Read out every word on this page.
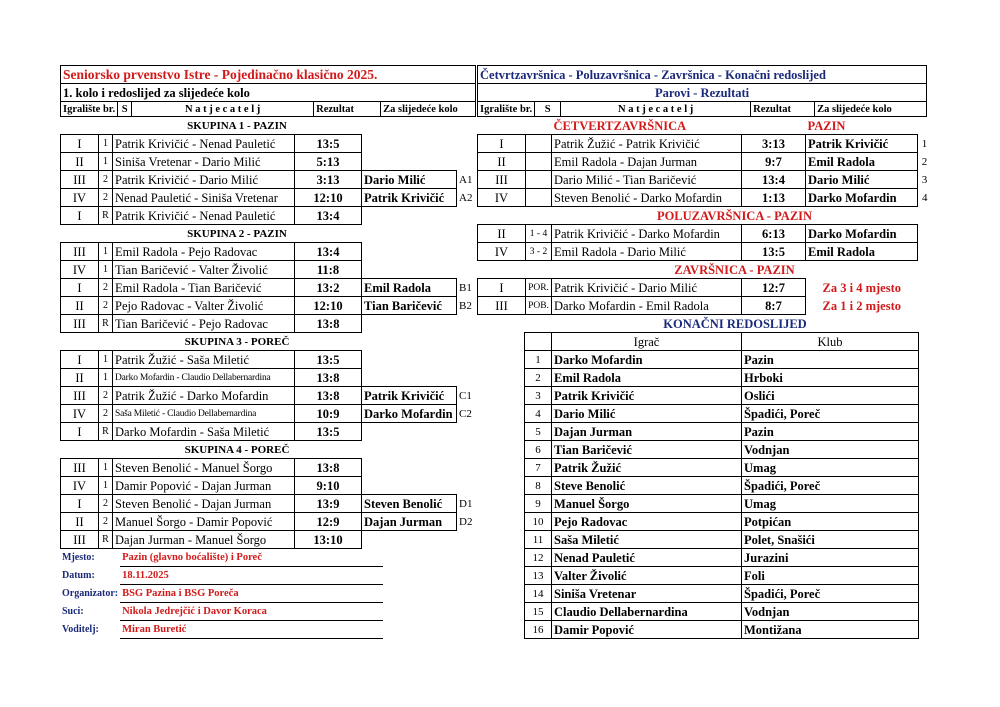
Seniorsko prvenstvo Istre - Pojedinačno klasično 2025.					
1. kolo i redoslijed za slijedeće kolo					
Igralište br.	S	N a t j e c a t e l j	Rezultat	Za slijedeće kolo	
		SKUPINA 1 - PAZIN			
I	1	Patrik Krivičić - Nenad Pauletić	13:5		
II	1	Siniša Vretenar - Dario Milić	5:13		
III	2	Patrik Krivičić - Dario Milić	3:13	Dario Milić	A1
IV	2	Nenad Pauletić - Siniša Vretenar	12:10	Patrik Krivičić	A2
I	R	Patrik Krivičić - Nenad Pauletić	13:4		
		SKUPINA 2 - PAZIN			
III	1	Emil Radola - Pejo Radovac	13:4		
IV	1	Tian Baričević - Valter Živolić	11:8		
I	2	Emil Radola - Tian Baričević	13:2	Emil Radola	B1
II	2	Pejo Radovac - Valter Živolić	12:10	Tian Baričević	B2
III	R	Tian Baričević - Pejo Radovac	13:8		
		SKUPINA 3 - POREČ			
I	1	Patrik Žužić - Saša Miletić	13:5		
II	1	Darko Mofardin - Claudio Dellabernardina	13:8		
III	2	Patrik Žužić - Darko Mofardin	13:8	Patrik Krivičić	C1
IV	2	Saša Miletić - Claudio Dellabernardina	10:9	Darko Mofardin	C2
I	R	Darko Mofardin - Saša Miletić	13:5		
		SKUPINA 4 - POREČ			
III	1	Steven Benolić - Manuel Šorgo	13:8		
IV	1	Damir Popović - Dajan Jurman	9:10		
I	2	Steven Benolić - Dajan Jurman	13:9	Steven Benolić	D1
II	2	Manuel Šorgo - Damir Popović	12:9	Dajan Jurman	D2
III	R	Dajan Jurman - Manuel Šorgo	13:10		
Mjesto:	Pazin (glavno boćalište) i Poreč
Datum:	18.11.2025
Organizator:	BSG Pazina i BSG Poreča
Suci:	Nikola Jedrejčić i Davor Koraca
Voditelj:	Miran Buretić
Četvrtzavršnica - Poluzavršnica - Završnica - Konačni redoslijed					
Parovi - Rezultati					
Igralište br.	S	N a t j e c a t e l j	Rezultat	Za slijedeće kolo	
		ČETVERTZAVRŠNICA		PAZIN	
I		Patrik Žužić - Patrik Krivičić	3:13	Patrik Krivičić	1
II		Emil Radola - Dajan Jurman	9:7	Emil Radola	2
III		Dario Milić - Tian Baričević	13:4	Dario Milić	3
IV		Steven Benolić - Darko Mofardin	1:13	Darko Mofardin	4
		POLUZAVRŠNICA - PAZIN			
II	1 - 4	Patrik Krivičić - Darko Mofardin	6:13	Darko Mofardin	
IV	3 - 2	Emil Radola - Dario Milić	13:5	Emil Radola	
		ZAVRŠNICA - PAZIN			
I	POR.	Patrik Krivičić - Dario Milić	12:7	Za 3 i 4 mjesto	
III	POB.	Darko Mofardin - Emil Radola	8:7	Za 1 i 2 mjesto	
	KONAČNI REDOSLIJED	
	Igrač	Klub
1	Darko Mofardin	Pazin
2	Emil Radola	Hrboki
3	Patrik Krivičić	Oslići
4	Dario Milić	Špadići, Poreč
5	Dajan Jurman	Pazin
6	Tian Baričević	Vodnjan
7	Patrik Žužić	Umag
8	Steve Benolić	Špadići, Poreč
9	Manuel Šorgo	Umag
10	Pejo Radovac	Potpićan
11	Saša Miletić	Polet, Snašići
12	Nenad Pauletić	Jurazini
13	Valter Živolić	Foli
14	Siniša Vretenar	Špadići, Poreč
15	Claudio Dellabernardina	Vodnjan
16	Damir Popović	Montižana
